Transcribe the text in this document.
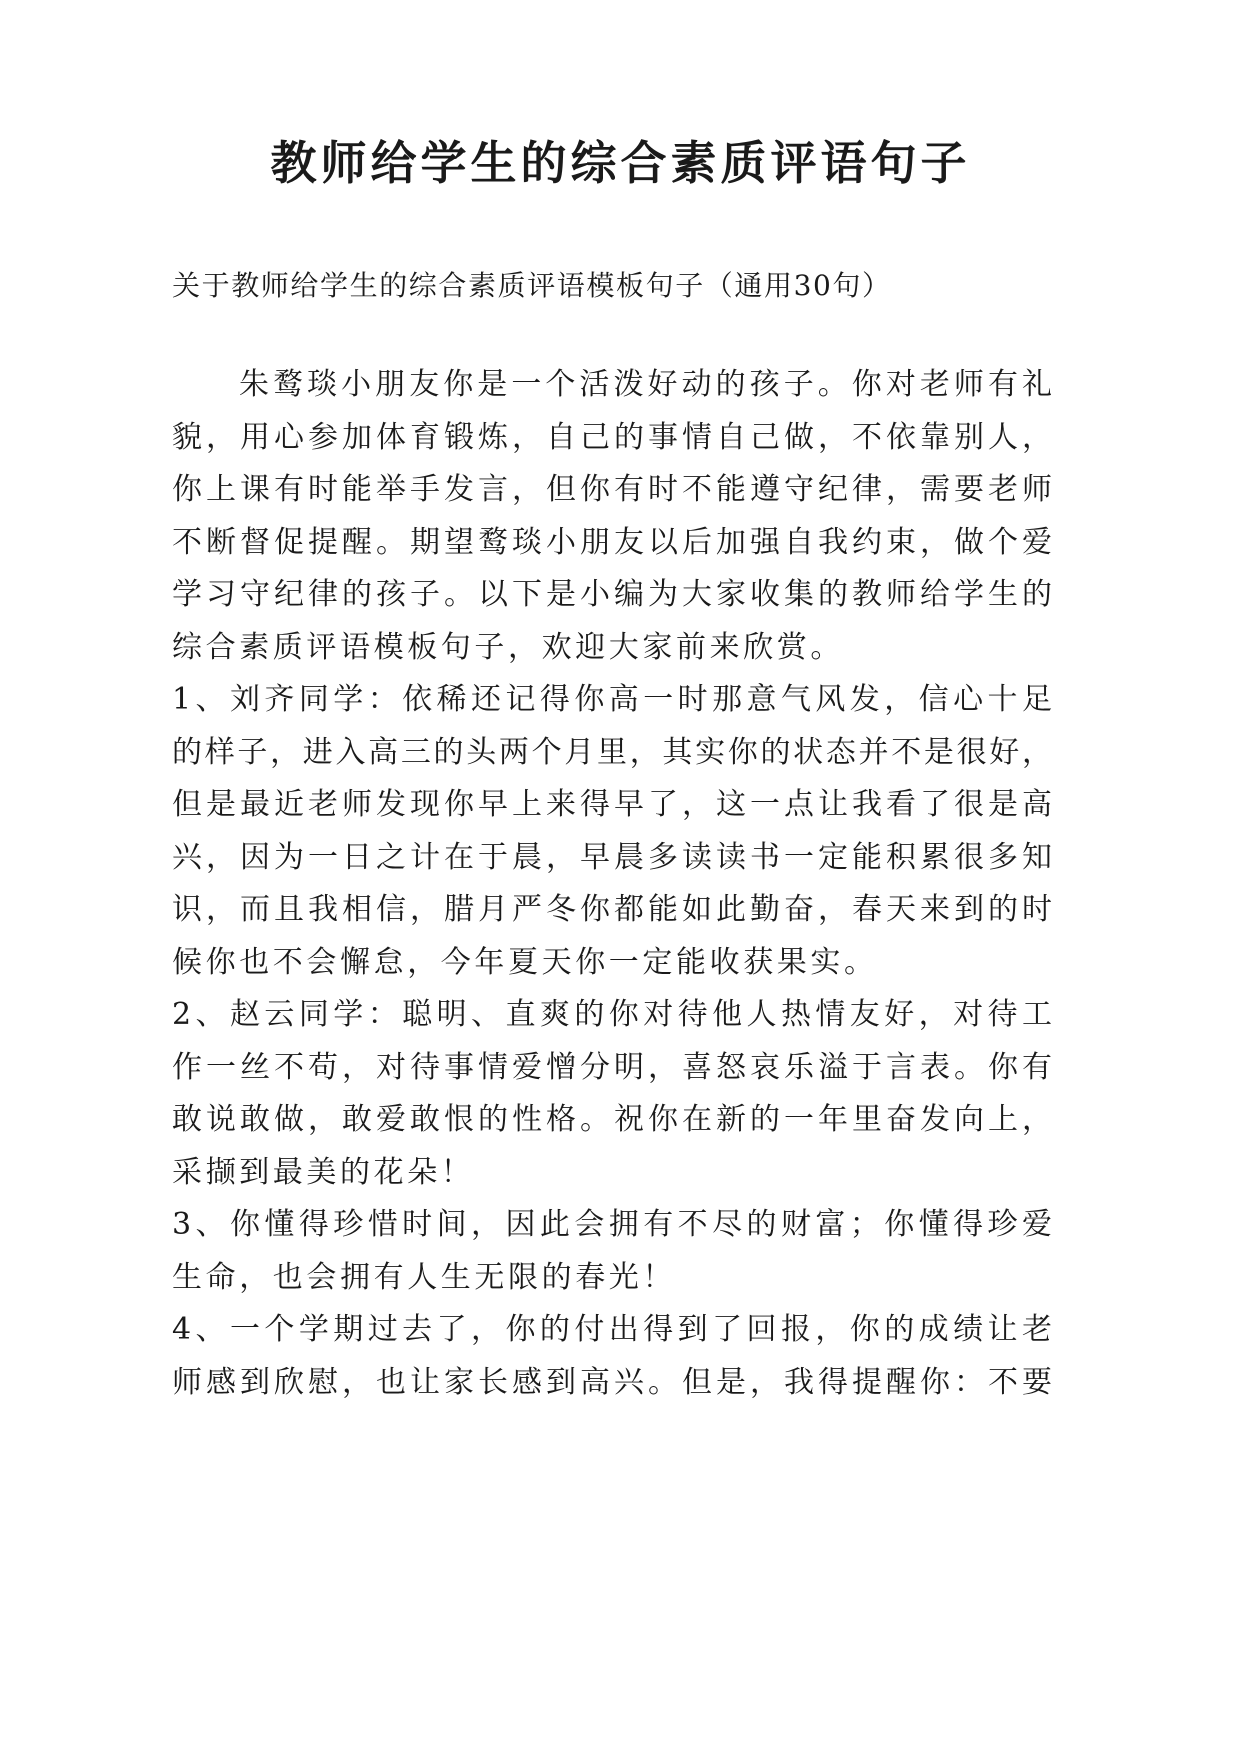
教师给学生的综合素质评语句子

关于教师给学生的综合素质评语模板句子（通用30句）

朱鹜琰小朋友你是一个活泼好动的孩子。你对老师有礼
貌，用心参加体育锻炼，自己的事情自己做，不依靠别人，
你上课有时能举手发言，但你有时不能遵守纪律，需要老师
不断督促提醒。期望鹜琰小朋友以后加强自我约束，做个爱
学习守纪律的孩子。以下是小编为大家收集的教师给学生的
综合素质评语模板句子，欢迎大家前来欣赏。
1、刘齐同学：依稀还记得你高一时那意气风发，信心十足
的样子，进入高三的头两个月里，其实你的状态并不是很好，
但是最近老师发现你早上来得早了，这一点让我看了很是高
兴，因为一日之计在于晨，早晨多读读书一定能积累很多知
识，而且我相信，腊月严冬你都能如此勤奋，春天来到的时
候你也不会懈怠，今年夏天你一定能收获果实。
2、赵云同学：聪明、直爽的你对待他人热情友好，对待工
作一丝不苟，对待事情爱憎分明，喜怒哀乐溢于言表。你有
敢说敢做，敢爱敢恨的性格。祝你在新的一年里奋发向上，
采撷到最美的花朵！
3、你懂得珍惜时间，因此会拥有不尽的财富；你懂得珍爱
生命，也会拥有人生无限的春光！
4、一个学期过去了，你的付出得到了回报，你的成绩让老
师感到欣慰，也让家长感到高兴。但是，我得提醒你：不要
